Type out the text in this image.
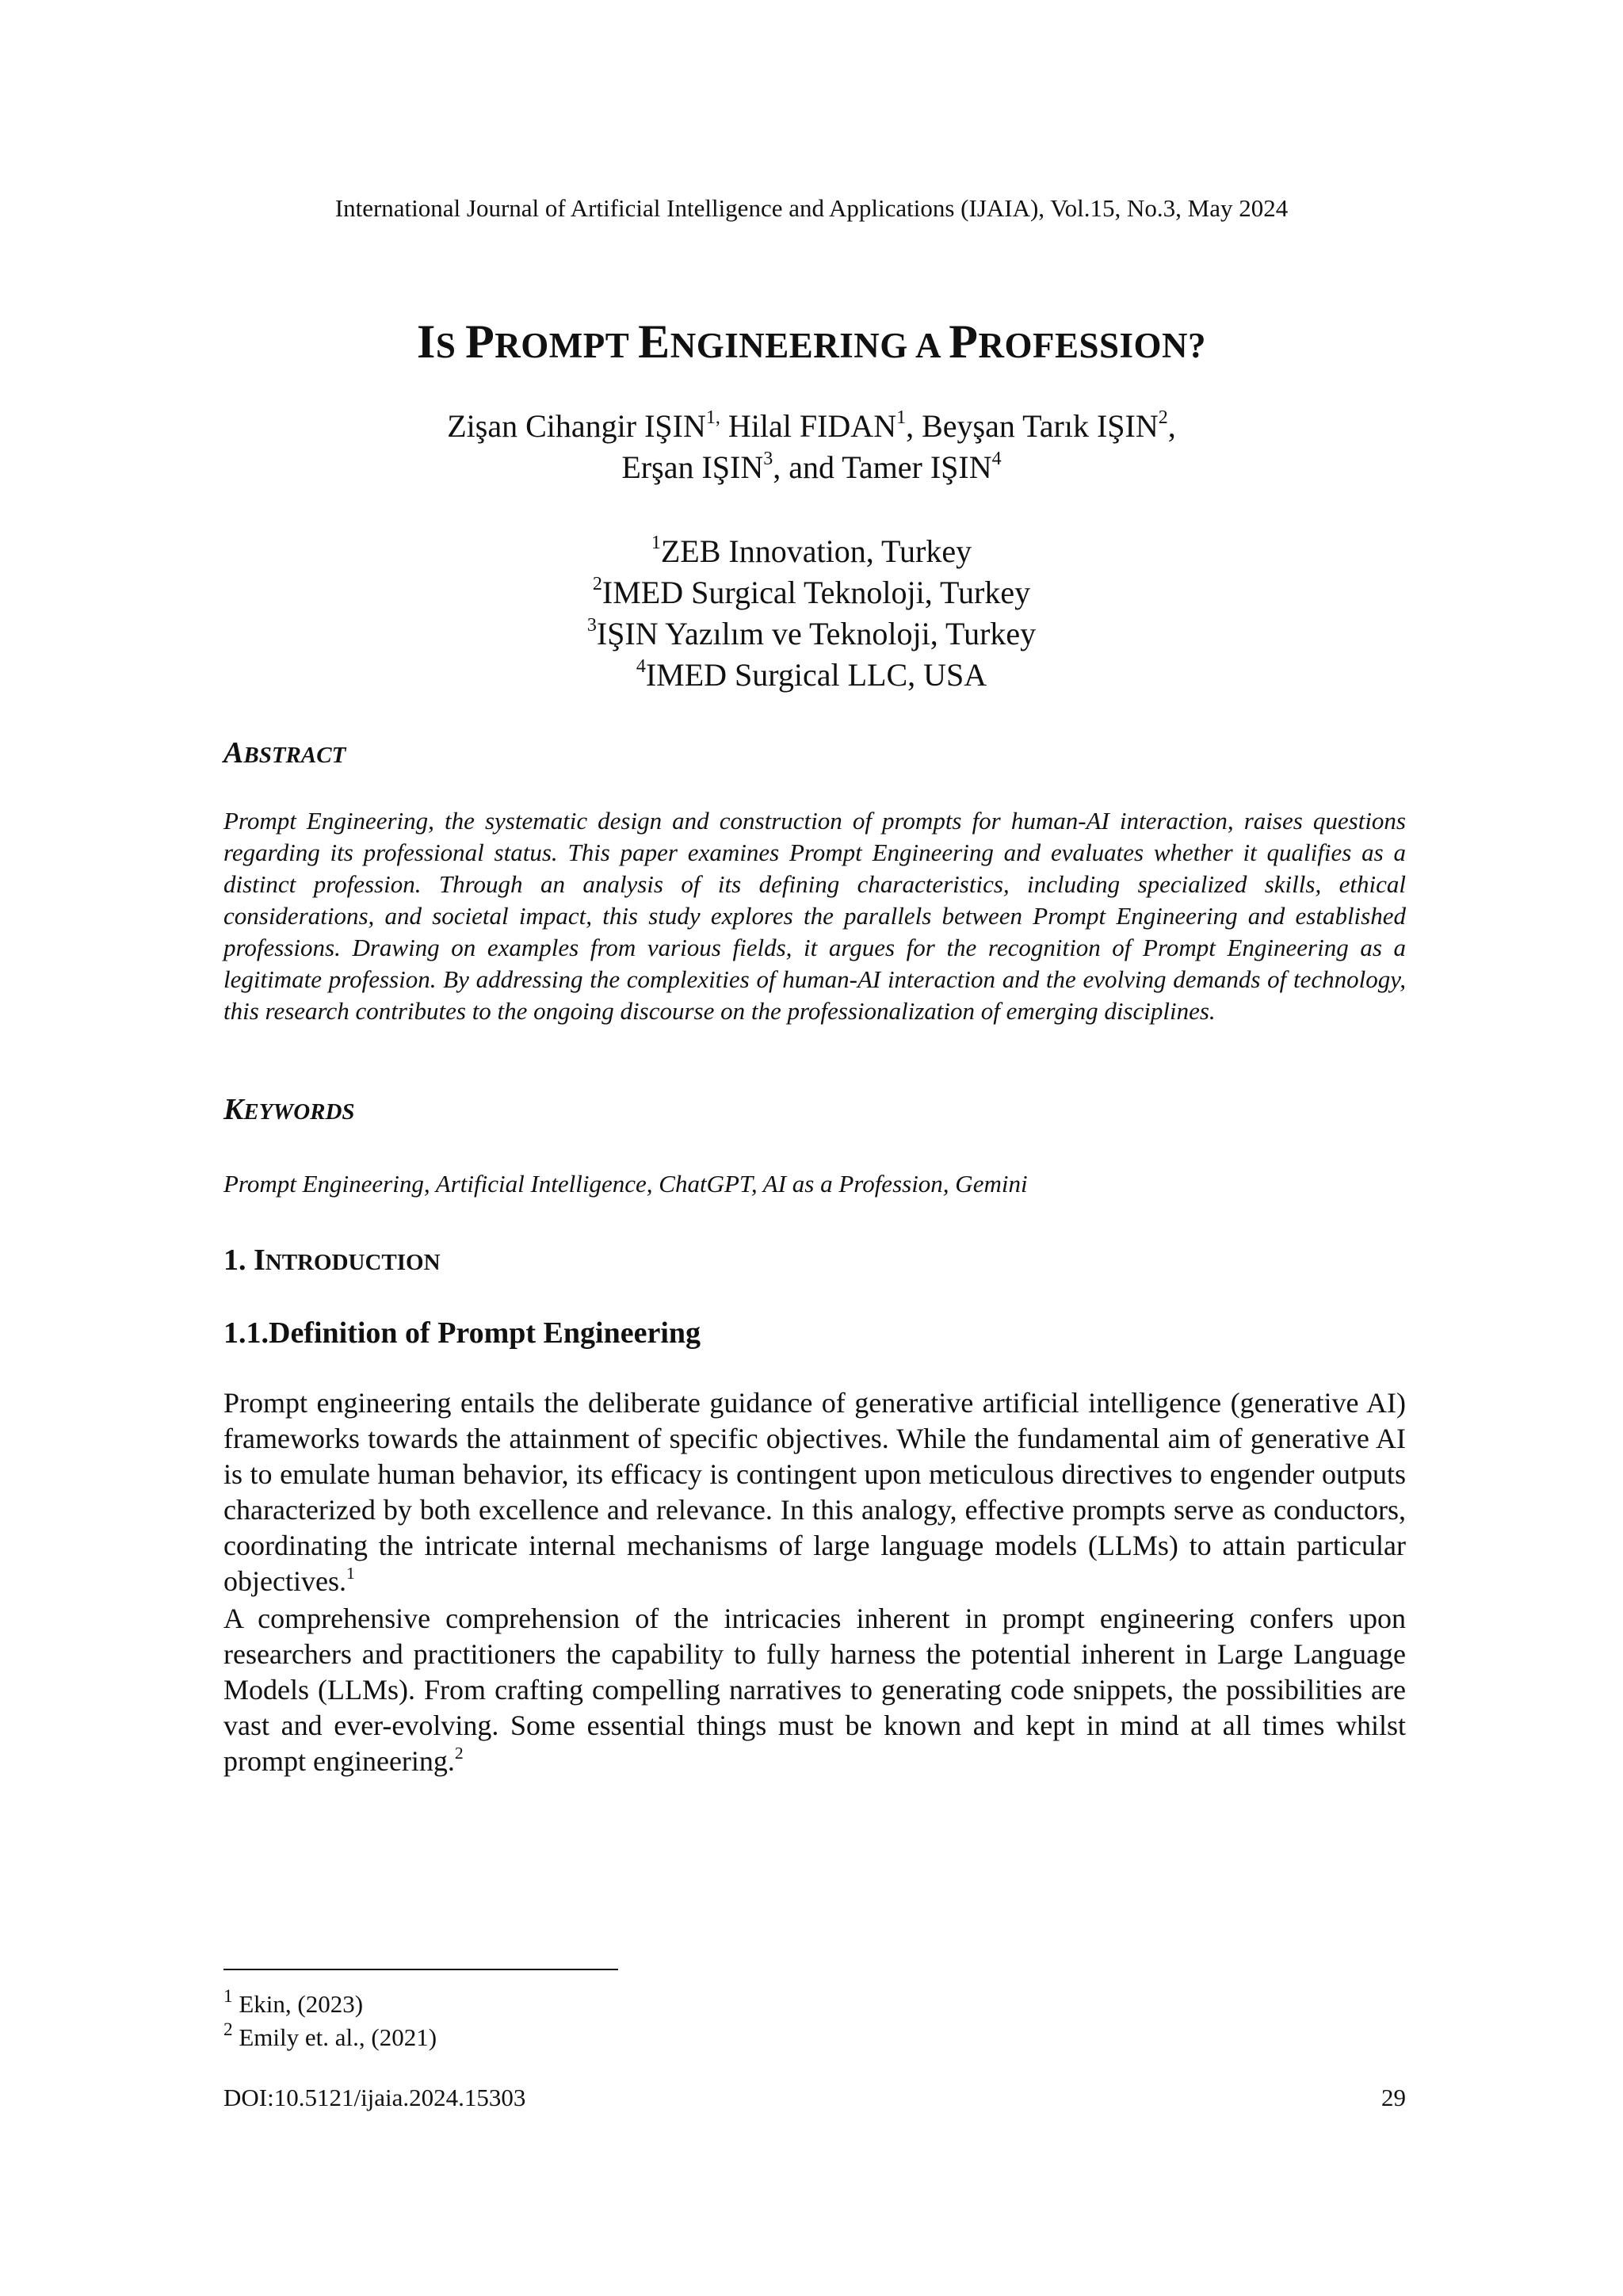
International Journal of Artificial Intelligence and Applications (IJAIA), Vol.15, No.3, May 2024
IS PROMPT ENGINEERING A PROFESSION?
Zişan Cihangir $IŞIN^{1,}$ Hilal FIDAN$^1$, Beyşan Tarık IŞIN$^2$,
Erşan IŞIN$^3$, and Tamer IŞIN$^4$
$^1$ZEB Innovation, Turkey
$^2$IMED Surgical Teknoloji, Turkey
$^3$IŞIN Yazılım ve Teknoloji, Turkey
$^4$IMED Surgical LLC, USA
ABSTRACT

Prompt Engineering, the systematic design and construction of prompts for human-AI interaction, raises questions regarding its professional status. This paper examines Prompt Engineering and evaluates whether it qualifies as a distinct profession. Through an analysis of its defining characteristics, including specialized skills, ethical considerations, and societal impact, this study explores the parallels between Prompt Engineering and established professions. Drawing on examples from various fields, it argues for the recognition of Prompt Engineering as a legitimate profession. By addressing the complexities of human-AI interaction and the evolving demands of technology, this research contributes to the ongoing discourse on the professionalization of emerging disciplines.

KEYWORDS

Prompt Engineering, Artificial Intelligence, ChatGPT, AI as a Profession, Gemini

1. INTRODUCTION
1.1.Definition of Prompt Engineering

Prompt engineering entails the deliberate guidance of generative artificial intelligence (generative AI) frameworks towards the attainment of specific objectives. While the fundamental aim of generative AI is to emulate human behavior, its efficacy is contingent upon meticulous directives to engender outputs characterized by both excellence and relevance. In this analogy, effective prompts serve as conductors, coordinating the intricate internal mechanisms of large language models (LLMs) to attain particular objectives.$^1$

A comprehensive comprehension of the intricacies inherent in prompt engineering confers upon researchers and practitioners the capability to fully harness the potential inherent in Large Language Models (LLMs). From crafting compelling narratives to generating code snippets, the possibilities are vast and ever-evolving. Some essential things must be known and kept in mind at all times whilst prompt engineering.$^2$

$^1$ Ekin, (2023)
$^2$ Emily et. al., (2021)
DOI:10.5121/ijaia.2024.15303	29
